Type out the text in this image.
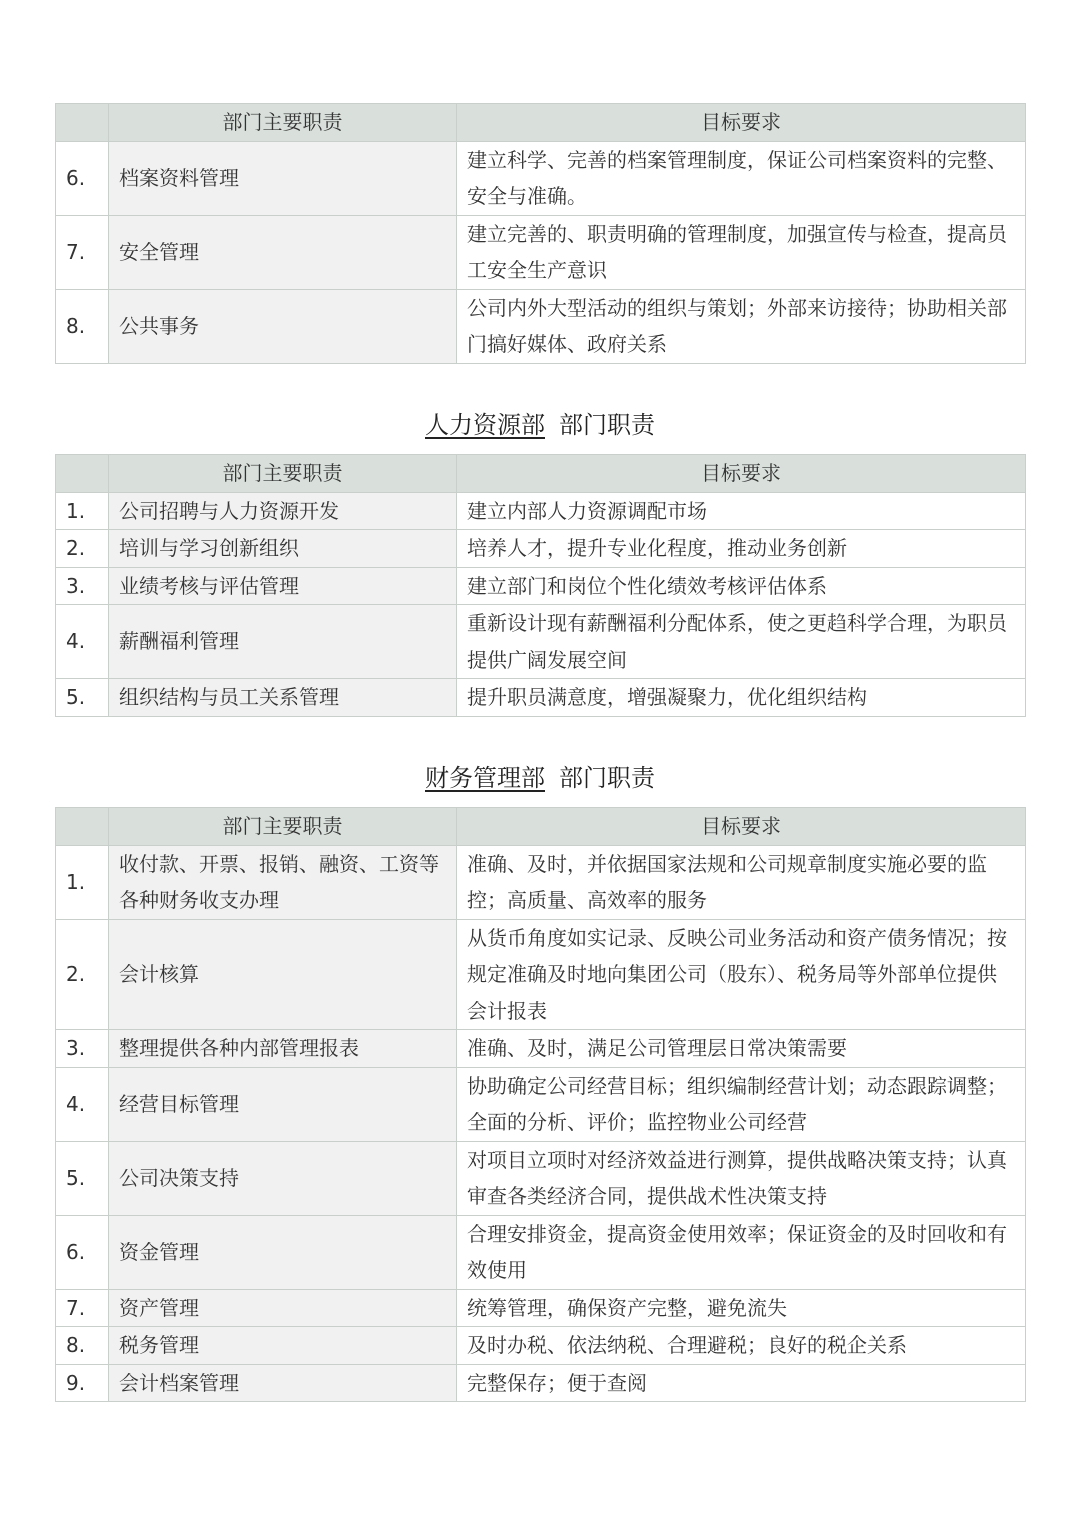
	部门主要职责	目标要求
6.	档案资料管理	建立科学、完善的档案管理制度，保证公司档案资料的完整、安全与准确。
7.	安全管理	建立完善的、职责明确的管理制度，加强宣传与检查，提高员工安全生产意识
8.	公共事务	公司内外大型活动的组织与策划；外部来访接待；协助相关部门搞好媒体、政府关系
人力资源部 部门职责
	部门主要职责	目标要求
1.	公司招聘与人力资源开发	建立内部人力资源调配市场
2.	培训与学习创新组织	培养人才，提升专业化程度，推动业务创新
3.	业绩考核与评估管理	建立部门和岗位个性化绩效考核评估体系
4.	薪酬福利管理	重新设计现有薪酬福利分配体系，使之更趋科学合理，为职员提供广阔发展空间
5.	组织结构与员工关系管理	提升职员满意度，增强凝聚力，优化组织结构
财务管理部 部门职责
	部门主要职责	目标要求
1.	收付款、开票、报销、融资、工资等各种财务收支办理	准确、及时，并依据国家法规和公司规章制度实施必要的监控；高质量、高效率的服务
2.	会计核算	从货币角度如实记录、反映公司业务活动和资产债务情况；按规定准确及时地向集团公司（股东）、税务局等外部单位提供会计报表
3.	整理提供各种内部管理报表	准确、及时，满足公司管理层日常决策需要
4.	经营目标管理	协助确定公司经营目标；组织编制经营计划；动态跟踪调整；全面的分析、评价；监控物业公司经营
5.	公司决策支持	对项目立项时对经济效益进行测算，提供战略决策支持；认真审查各类经济合同，提供战术性决策支持
6.	资金管理	合理安排资金，提高资金使用效率；保证资金的及时回收和有效使用
7.	资产管理	统筹管理，确保资产完整，避免流失
8.	税务管理	及时办税、依法纳税、合理避税；良好的税企关系
9.	会计档案管理	完整保存；便于查阅
